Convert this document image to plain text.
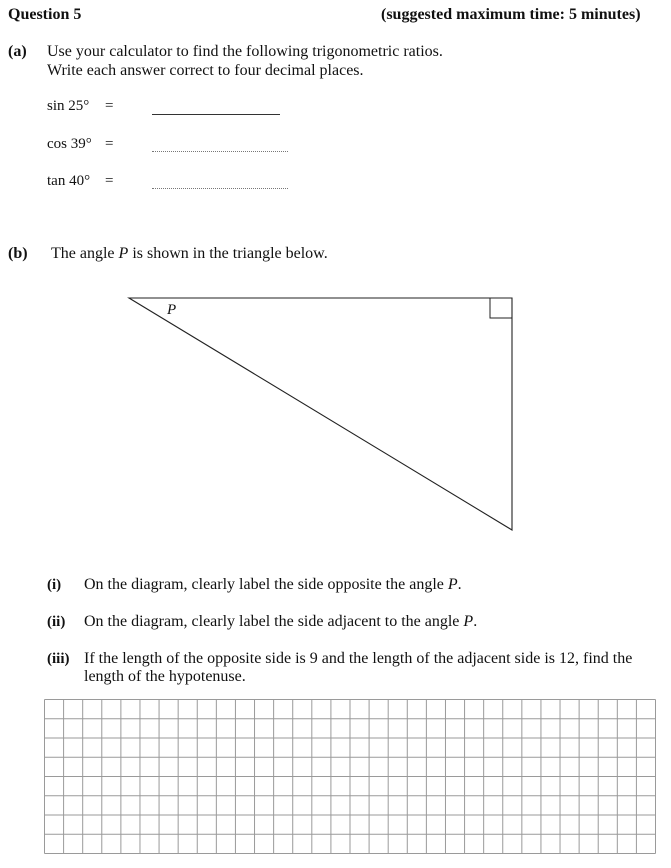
Question 5	(suggested maximum time: 5 minutes)
(a) Use your calculator to find the following trigonometric ratios.
Write each answer correct to four decimal places.
sin 25° =
cos 39° =
tan 40° =
(b) The angle P is shown in the triangle below.
P
(i) On the diagram, clearly label the side opposite the angle P.
(ii) On the diagram, clearly label the side adjacent to the angle P.
(iii) If the length of the opposite side is 9 and the length of the adjacent side is 12, find the
length of the hypotenuse.
